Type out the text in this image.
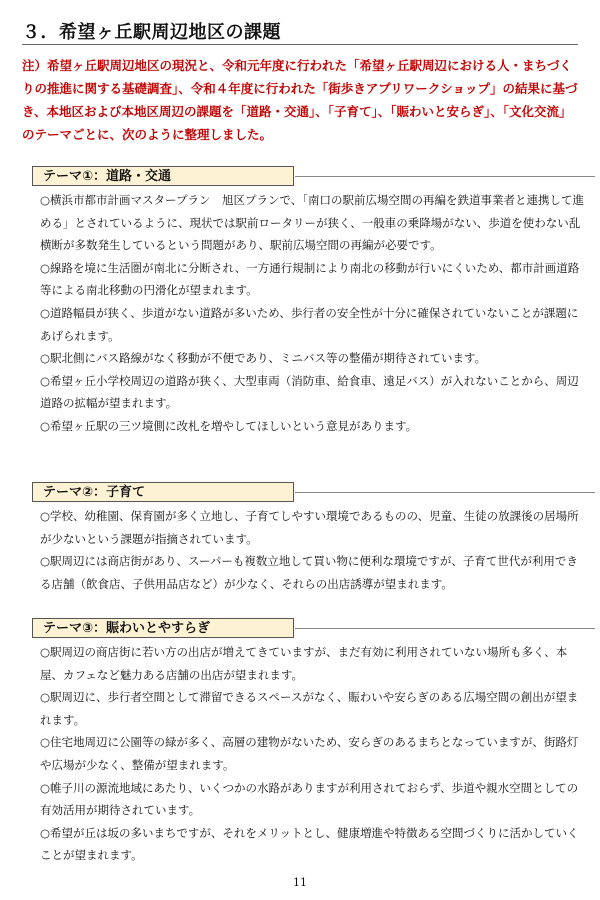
３．希望ヶ丘駅周辺地区の課題

注）希望ヶ丘駅周辺地区の現況と、令和元年度に行われた「希望ヶ丘駅周辺における人・まちづくりの推進に関する基礎調査」、令和４年度に行われた「街歩きアプリワークショップ」の結果に基づき、本地区および本地区周辺の課題を「道路・交通」、「子育て」、「賑わいと安らぎ」、「文化交流」のテーマごとに、次のように整理しました。

テーマ①：道路・交通

○横浜市都市計画マスタープラン　旭区プランで、「南口の駅前広場空間の再編を鉄道事業者と連携して進める」とされているように、現状では駅前ロータリーが狭く、一般車の乗降場がない、歩道を使わない乱横断が多数発生しているという問題があり、駅前広場空間の再編が必要です。

○線路を境に生活圏が南北に分断され、一方通行規制により南北の移動が行いにくいため、都市計画道路等による南北移動の円滑化が望まれます。

○道路幅員が狭く、歩道がない道路が多いため、歩行者の安全性が十分に確保されていないことが課題にあげられます。

○駅北側にバス路線がなく移動が不便であり、ミニバス等の整備が期待されています。

○希望ヶ丘小学校周辺の道路が狭く、大型車両（消防車、給食車、遠足バス）が入れないことから、周辺道路の拡幅が望まれます。

○希望ヶ丘駅の三ツ境側に改札を増やしてほしいという意見があります。

テーマ②：子育て

○学校、幼稚園、保育園が多く立地し、子育てしやすい環境であるものの、児童、生徒の放課後の居場所が少ないという課題が指摘されています。

○駅周辺には商店街があり、スーパーも複数立地して買い物に便利な環境ですが、子育て世代が利用できる店舗（飲食店、子供用品店など）が少なく、それらの出店誘導が望まれます。

テーマ③：賑わいとやすらぎ

○駅周辺の商店街に若い方の出店が増えてきていますが、まだ有効に利用されていない場所も多く、本屋、カフェなど魅力ある店舗の出店が望まれます。

○駅周辺に、歩行者空間として滞留できるスペースがなく、賑わいや安らぎのある広場空間の創出が望まれます。

○住宅地周辺に公園等の緑が多く、高層の建物がないため、安らぎのあるまちとなっていますが、街路灯や広場が少なく、整備が望まれます。

○帷子川の源流地域にあたり、いくつかの水路がありますが利用されておらず、歩道や親水空間としての有効活用が期待されています。

○希望が丘は坂の多いまちですが、それをメリットとし、健康増進や特徴ある空間づくりに活かしていくことが望まれます。

11
